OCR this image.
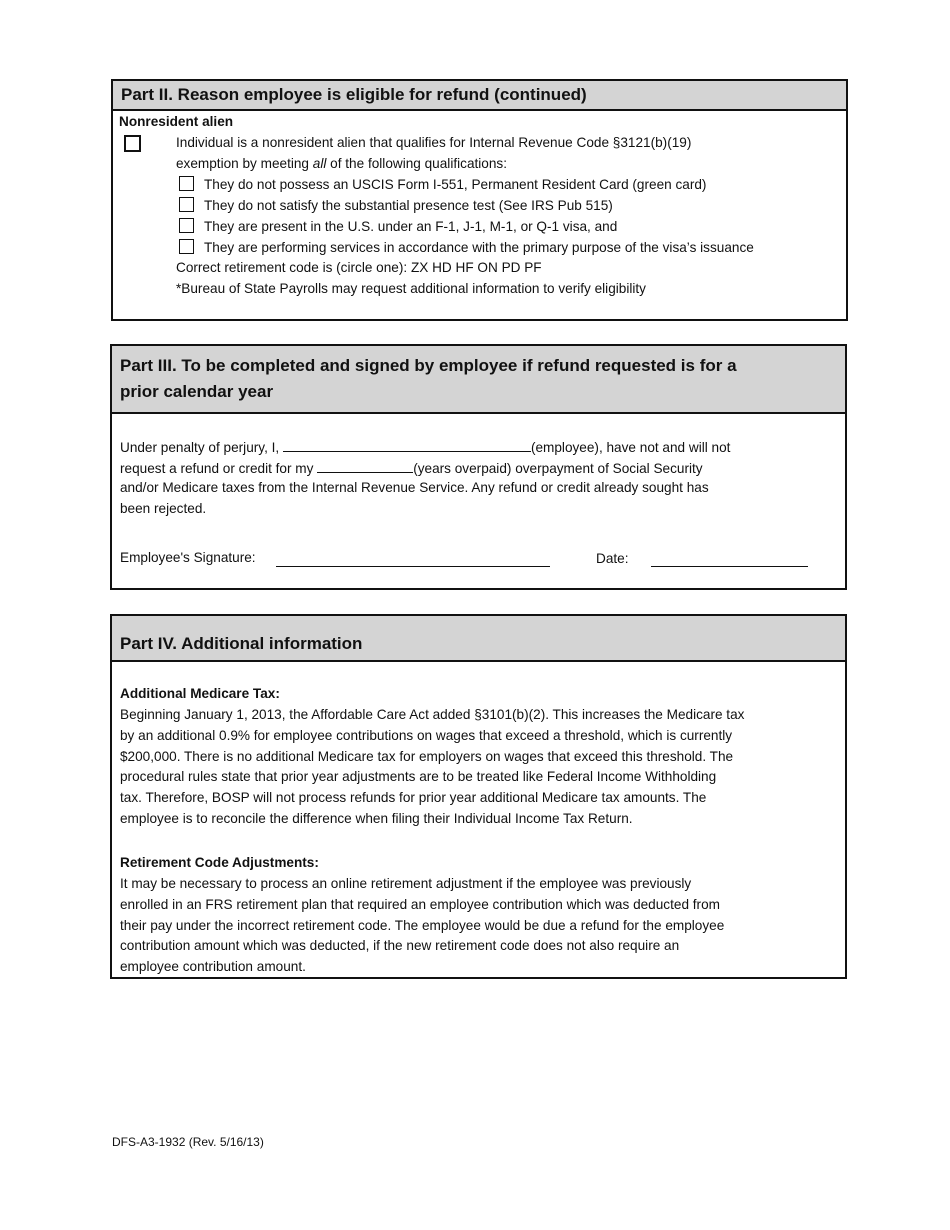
Part II. Reason employee is eligible for refund (continued)
Nonresident alien
Individual is a nonresident alien that qualifies for Internal Revenue Code §3121(b)(19)
exemption by meeting all of the following qualifications:
They do not possess an USCIS Form I-551, Permanent Resident Card (green card)
They do not satisfy the substantial presence test (See IRS Pub 515)
They are present in the U.S. under an F-1, J-1, M-1, or Q-1 visa, and
They are performing services in accordance with the primary purpose of the visa’s issuance
Correct retirement code is (circle one): ZX HD HF ON PD PF
*Bureau of State Payrolls may request additional information to verify eligibility
Part III. To be completed and signed by employee if refund requested is for a
prior calendar year
Under penalty of perjury, I,	(employee), have not and will not
request a refund or credit for my	(years overpaid) overpayment of Social Security
and/or Medicare taxes from the Internal Revenue Service. Any refund or credit already sought has
been rejected.
Employee's Signature:	Date:
Part IV. Additional information
Additional Medicare Tax:
Beginning January 1, 2013, the Affordable Care Act added §3101(b)(2). This increases the Medicare tax
by an additional 0.9% for employee contributions on wages that exceed a threshold, which is currently
$200,000. There is no additional Medicare tax for employers on wages that exceed this threshold. The
procedural rules state that prior year adjustments are to be treated like Federal Income Withholding
tax. Therefore, BOSP will not process refunds for prior year additional Medicare tax amounts. The
employee is to reconcile the difference when filing their Individual Income Tax Return.
Retirement Code Adjustments:
It may be necessary to process an online retirement adjustment if the employee was previously
enrolled in an FRS retirement plan that required an employee contribution which was deducted from
their pay under the incorrect retirement code. The employee would be due a refund for the employee
contribution amount which was deducted, if the new retirement code does not also require an
employee contribution amount.
DFS-A3-1932 (Rev. 5/16/13)
